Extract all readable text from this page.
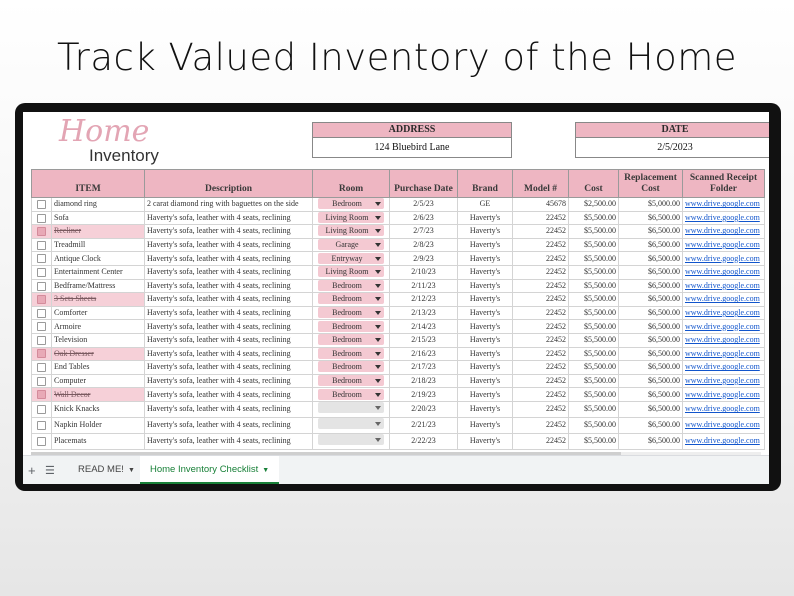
Track Valued Inventory of the Home
Home
Inventory
ADDRESS
124 Bluebird Lane
DATE
2/5/2023
ITEM		Description	Room	Purchase Date	Brand	Model #	Cost	Replacement Cost	Scanned Receipt Folder
	diamond ring	2 carat diamond ring with baguettes on the side	Bedroom	2/5/23	GE	45678	$2,500.00	$5,000.00	www.drive.google.com
	Sofa	Haverty's sofa, leather with 4 seats, reclining	Living Room	2/6/23	Haverty's	22452	$5,500.00	$6,500.00	www.drive.google.com
	Recliner	Haverty's sofa, leather with 4 seats, reclining	Living Room	2/7/23	Haverty's	22452	$5,500.00	$6,500.00	www.drive.google.com
	Treadmill	Haverty's sofa, leather with 4 seats, reclining	Garage	2/8/23	Haverty's	22452	$5,500.00	$6,500.00	www.drive.google.com
	Antique Clock	Haverty's sofa, leather with 4 seats, reclining	Entryway	2/9/23	Haverty's	22452	$5,500.00	$6,500.00	www.drive.google.com
	Entertainment Center	Haverty's sofa, leather with 4 seats, reclining	Living Room	2/10/23	Haverty's	22452	$5,500.00	$6,500.00	www.drive.google.com
	Bedframe/Mattress	Haverty's sofa, leather with 4 seats, reclining	Bedroom	2/11/23	Haverty's	22452	$5,500.00	$6,500.00	www.drive.google.com
	3 Sets Sheets	Haverty's sofa, leather with 4 seats, reclining	Bedroom	2/12/23	Haverty's	22452	$5,500.00	$6,500.00	www.drive.google.com
	Comforter	Haverty's sofa, leather with 4 seats, reclining	Bedroom	2/13/23	Haverty's	22452	$5,500.00	$6,500.00	www.drive.google.com
	Armoire	Haverty's sofa, leather with 4 seats, reclining	Bedroom	2/14/23	Haverty's	22452	$5,500.00	$6,500.00	www.drive.google.com
	Television	Haverty's sofa, leather with 4 seats, reclining	Bedroom	2/15/23	Haverty's	22452	$5,500.00	$6,500.00	www.drive.google.com
	Oak Dresser	Haverty's sofa, leather with 4 seats, reclining	Bedroom	2/16/23	Haverty's	22452	$5,500.00	$6,500.00	www.drive.google.com
	End Tables	Haverty's sofa, leather with 4 seats, reclining	Bedroom	2/17/23	Haverty's	22452	$5,500.00	$6,500.00	www.drive.google.com
	Computer	Haverty's sofa, leather with 4 seats, reclining	Bedroom	2/18/23	Haverty's	22452	$5,500.00	$6,500.00	www.drive.google.com
	Wall Decor	Haverty's sofa, leather with 4 seats, reclining	Bedroom	2/19/23	Haverty's	22452	$5,500.00	$6,500.00	www.drive.google.com
	Knick Knacks	Haverty's sofa, leather with 4 seats, reclining		2/20/23	Haverty's	22452	$5,500.00	$6,500.00	www.drive.google.com
	Napkin Holder	Haverty's sofa, leather with 4 seats, reclining		2/21/23	Haverty's	22452	$5,500.00	$6,500.00	www.drive.google.com
	Placemats	Haverty's sofa, leather with 4 seats, reclining		2/22/23	Haverty's	22452	$5,500.00	$6,500.00	www.drive.google.com
+ ☰ READ ME! ▼	Home Inventory Checklist ▼
